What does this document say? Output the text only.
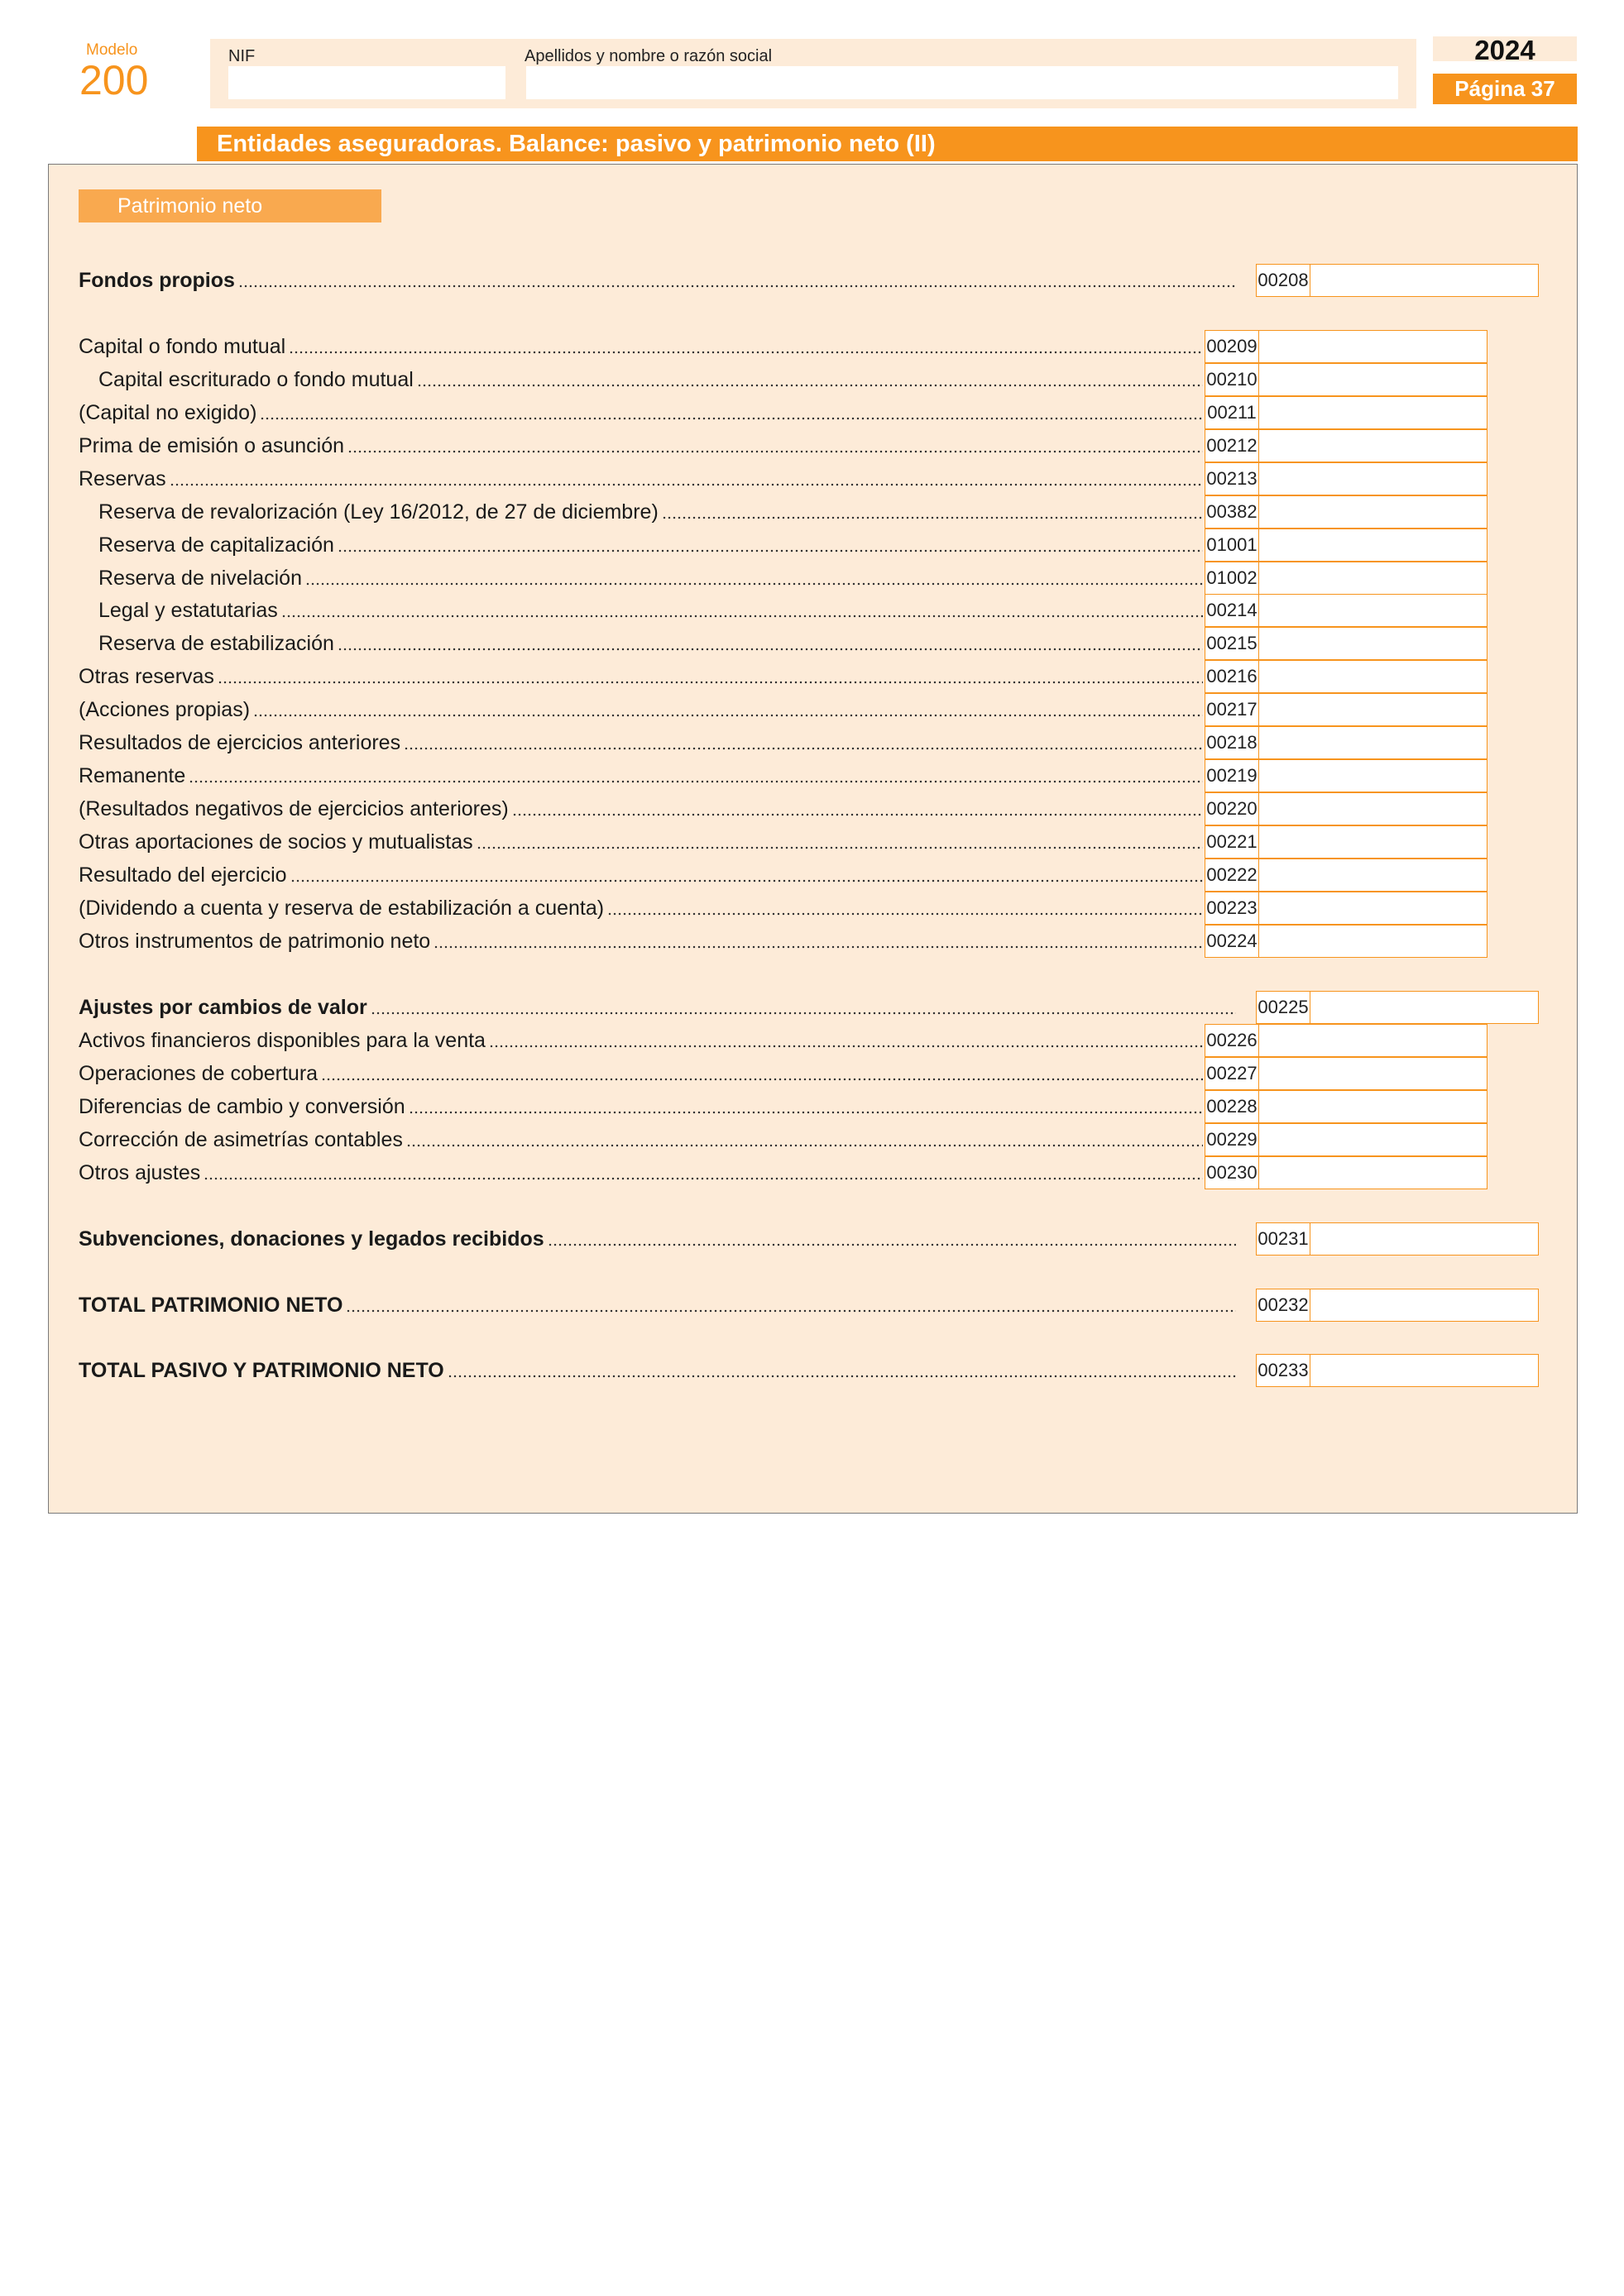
Modelo
200
NIF	Apellidos y nombre o razón social	2024
Página 37
Entidades aseguradoras. Balance: pasivo y patrimonio neto (II)
Patrimonio neto
Fondos propios	00208
Capital o fondo mutual	00209
Capital escriturado o fondo mutual	00210
(Capital no exigido)	00211
Prima de emisión o asunción	00212
Reservas	00213
Reserva de revalorización (Ley 16/2012, de 27 de diciembre)	00382
Reserva de capitalización	01001
Reserva de nivelación	01002
Legal y estatutarias	00214
Reserva de estabilización	00215
Otras reservas	00216
(Acciones propias)	00217
Resultados de ejercicios anteriores	00218
Remanente	00219
(Resultados negativos de ejercicios anteriores)	00220
Otras aportaciones de socios y mutualistas	00221
Resultado del ejercicio	00222
(Dividendo a cuenta y reserva de estabilización a cuenta)	00223
Otros instrumentos de patrimonio neto	00224
Ajustes por cambios de valor	00225
Activos financieros disponibles para la venta	00226
Operaciones de cobertura	00227
Diferencias de cambio y conversión	00228
Corrección de asimetrías contables	00229
Otros ajustes	00230
Subvenciones, donaciones y legados recibidos	00231
TOTAL PATRIMONIO NETO	00232
TOTAL PASIVO Y PATRIMONIO NETO	00233
